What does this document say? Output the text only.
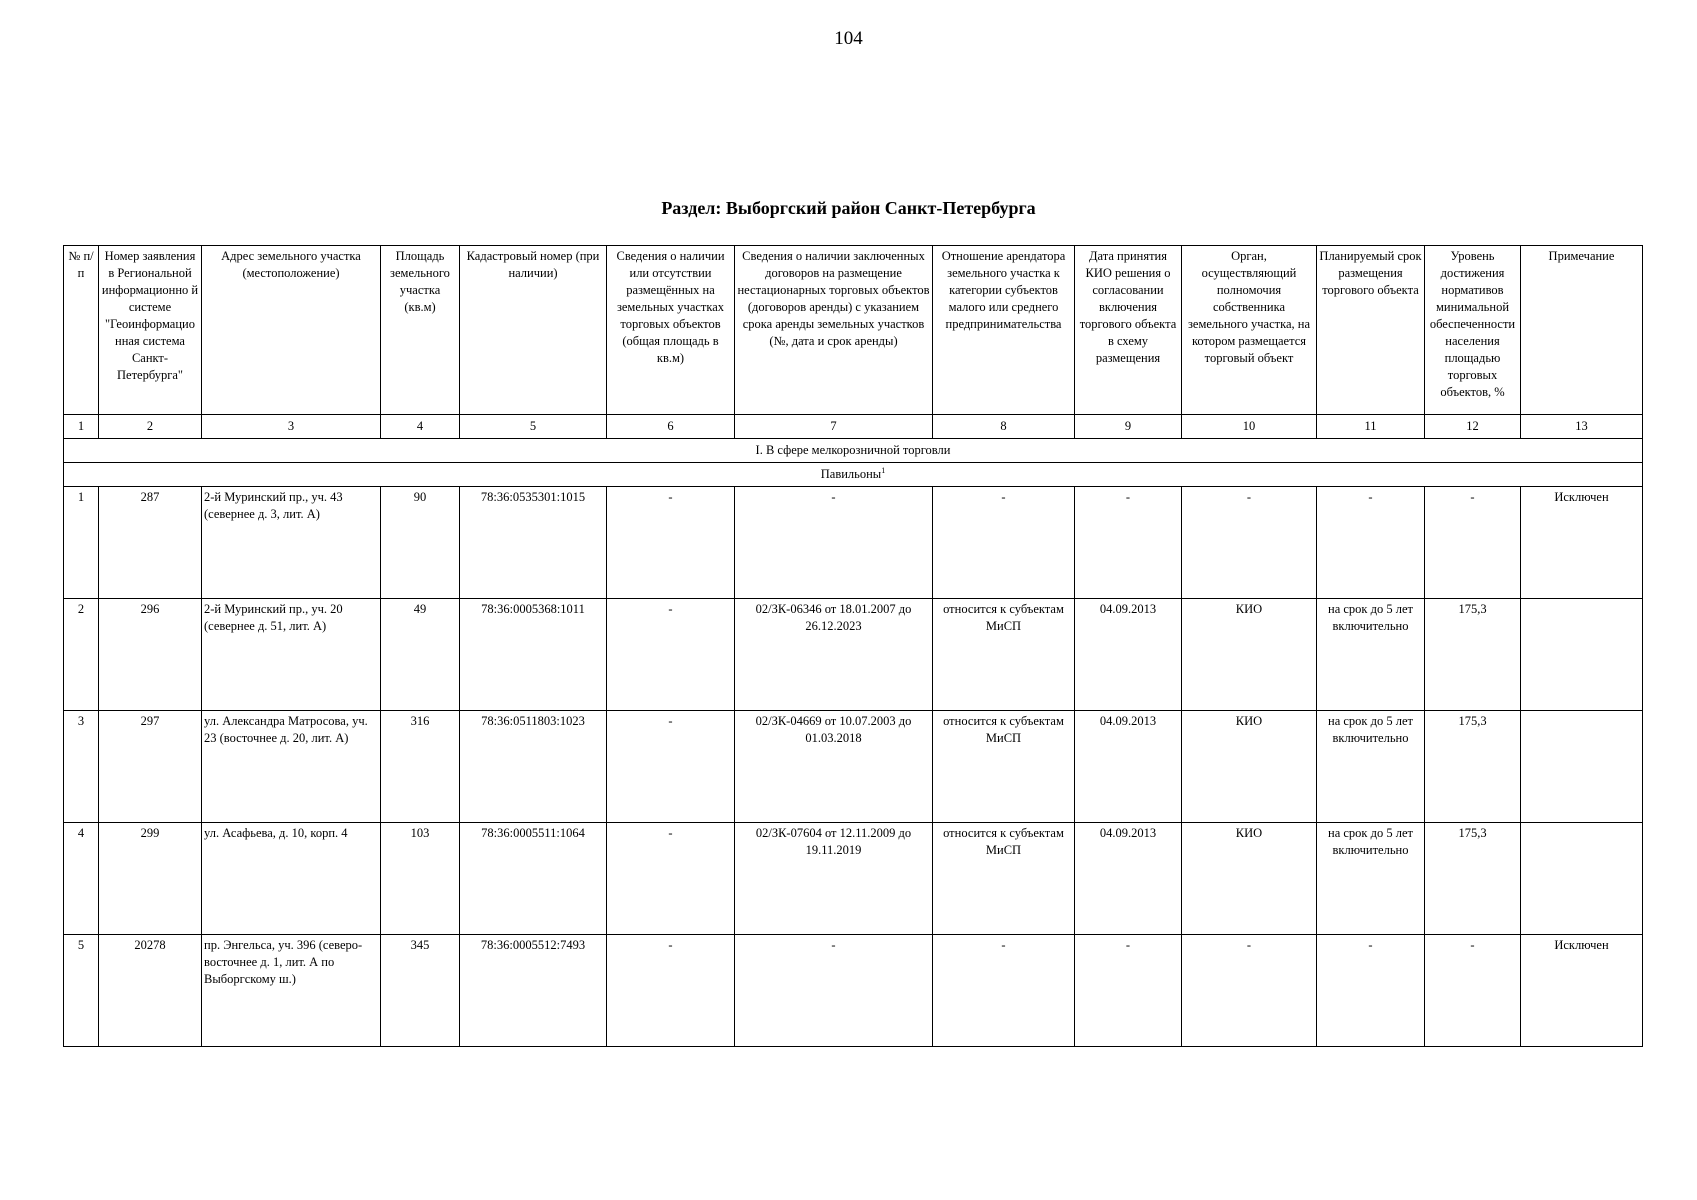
104
Раздел: Выборгский район Санкт-Петербурга
№ п/п	Номер заявления в Региональной информационно й системе "Геоинформацио нная система Санкт-Петербурга"	Адрес земельного участка (местоположение)	Площадь земельного участка (кв.м)	Кадастровый номер (при наличии)	Сведения о наличии или отсутствии размещённых на земельных участках торговых объектов (общая площадь в кв.м)	Сведения о наличии заключенных договоров на размещение нестационарных торговых объектов (договоров аренды) с указанием срока аренды земельных участков (№, дата и срок аренды)	Отношение арендатора земельного участка к категории субъектов малого или среднего предпринимательства	Дата принятия КИО решения о согласовании включения торгового объекта в схему размещения	Орган, осуществляющий полномочия собственника земельного участка, на котором размещается торговый объект	Планируемый срок размещения торгового объекта	Уровень достижения нормативов минимальной обеспеченности населения площадью торговых объектов, %	Примечание
1	2	3	4	5	6	7	8	9	10	11	12	13
I. В сфере мелкорозничной торговли												
Павильоны$^1$
1	287	2-й Муринский пр., уч. 43 (севернее д. 3, лит. А)	90	78:36:0535301:1015	-	-	-	-	-	-	-	Исключен
2	296	2-й Муринский пр., уч. 20 (севернее д. 51, лит. А)	49	78:36:0005368:1011	-	02/ЗК-06346 от 18.01.2007 до 26.12.2023	относится к субъектам МиСП	04.09.2013	КИО	на срок до 5 лет включительно	175,3	
3	297	ул. Александра Матросова, уч. 23 (восточнее д. 20, лит. А)	316	78:36:0511803:1023	-	02/ЗК-04669 от 10.07.2003 до 01.03.2018	относится к субъектам МиСП	04.09.2013	КИО	на срок до 5 лет включительно	175,3	
4	299	ул. Асафьева, д. 10, корп. 4	103	78:36:0005511:1064	-	02/ЗК-07604 от 12.11.2009 до 19.11.2019	относится к субъектам МиСП	04.09.2013	КИО	на срок до 5 лет включительно	175,3	
5	20278	пр. Энгельса, уч. 396 (северо-восточнее д. 1, лит. А по Выборгскому ш.)	345	78:36:0005512:7493	-	-	-	-	-	-	-	Исключен
